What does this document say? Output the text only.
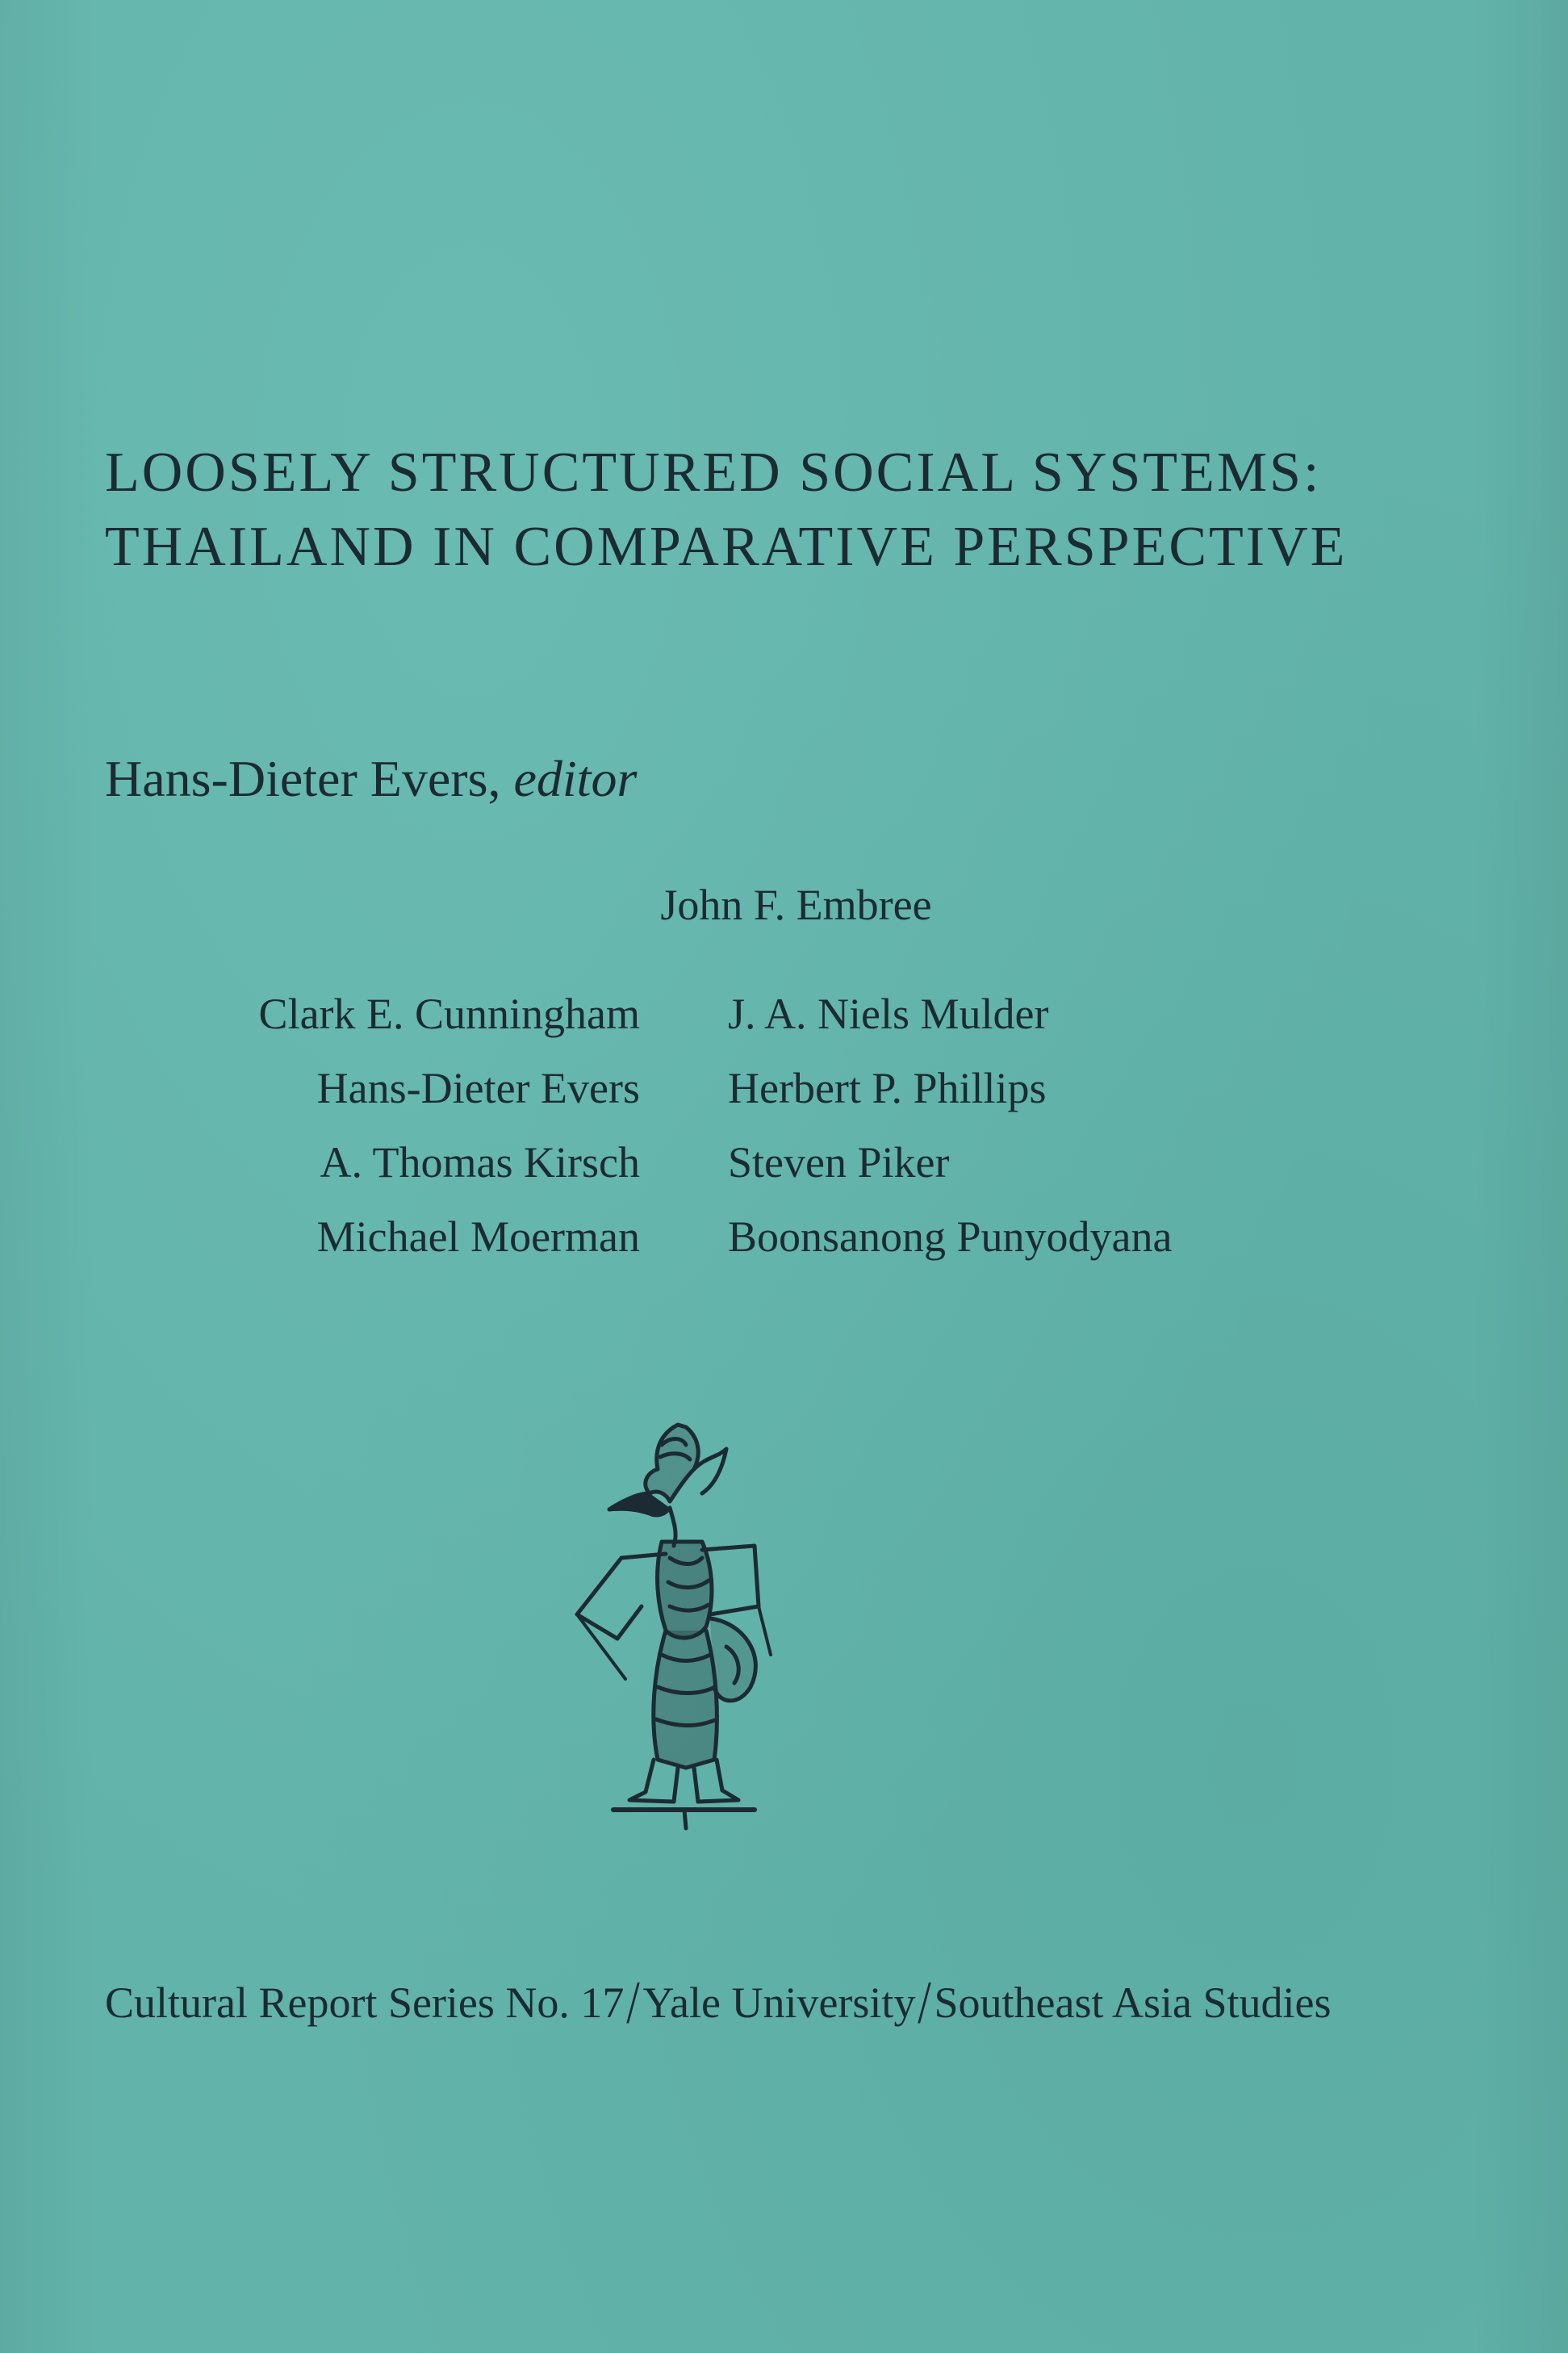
LOOSELY STRUCTURED SOCIAL SYSTEMS:
THAILAND IN COMPARATIVE PERSPECTIVE
Hans-Dieter Evers, editor
John F. Embree
Clark E. Cunningham
Hans-Dieter Evers
A. Thomas Kirsch
Michael Moerman
J. A. Niels Mulder
Herbert P. Phillips
Steven Piker
Boonsanong Punyodyana
Cultural Report Series No. 17/Yale University/Southeast Asia Studies
